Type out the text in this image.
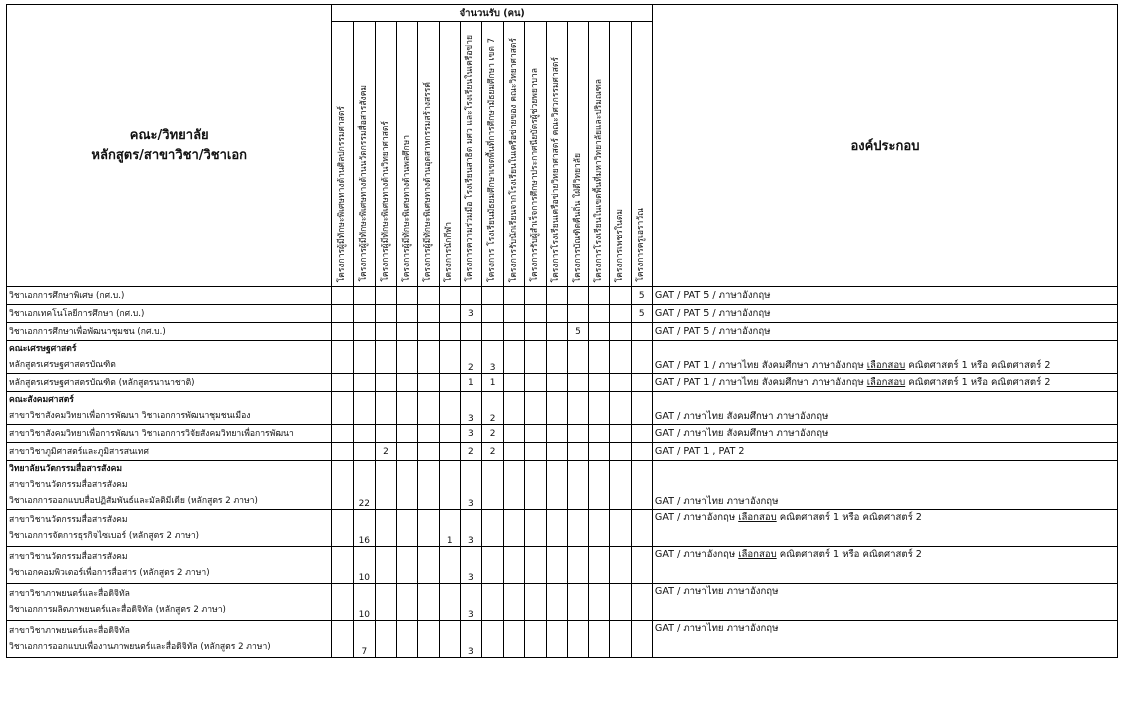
คณะ/วิทยาลัย
หลักสูตร/สาขาวิชา/วิชาเอก	จำนวนรับ (คน)															องค์ประกอบ

	โครงการผู้มีทักษะพิเศษทางด้านศิลปกรรมศาสตร์	โครงการผู้มีทักษะพิเศษทางด้านนวัตกรรมสื่อสารสังคม	โครงการผู้มีทักษะพิเศษทางด้านวิทยาศาสตร์	โครงการผู้มีทักษะพิเศษทางด้านพลศึกษา	โครงการผู้มีทักษะพิเศษทางด้านอุตสาหกรรมสร้างสรรค์	โครงการนักกีฬา	โครงการความร่วมมือ โรงเรียนสาธิต มศว และโรงเรียนในเครือข่าย	โครงการ โรงเรียนมัธยมศึกษาเขตพื้นที่การศึกษามัธยมศึกษา เขต 7	โครงการรับนักเรียนจากโรงเรียนในเครือข่ายของ คณะวิทยาศาสตร์	โครงการรับผู้สำเร็จการศึกษาประกาศนียบัตรผู้ช่วยพยาบาล	โครงการโรงเรียนเครือข่ายวิทยาศาสตร์ คณะวิศวกรรมศาสตร์	โครงการบัณฑิตคืนถิ่น ใฝ่ดีวิทยาลัย	โครงการโรงเรียนในเขตพื้นที่มหาวิทยาลัยและปริมณฑล	โครงการเพชรในตม	โครงการครูเอราวัณ	

วิชาเอกการศึกษาพิเศษ (กศ.บ.)															5	GAT / PAT 5 / ภาษาอังกฤษ

วิชาเอกเทคโนโลยีการศึกษา (กศ.บ.)							3								5	GAT / PAT 5 / ภาษาอังกฤษ

วิชาเอกการศึกษาเพื่อพัฒนาชุมชน (กศ.บ.)												5				GAT / PAT 5 / ภาษาอังกฤษ

คณะเศรษฐศาสตร์
หลักสูตรเศรษฐศาสตรบัณฑิต							2	3								GAT / PAT 1 / ภาษาไทย สังคมศึกษา ภาษาอังกฤษ เลือกสอบ คณิตศาสตร์ 1 หรือ คณิตศาสตร์ 2

หลักสูตรเศรษฐศาสตรบัณฑิต (หลักสูตรนานาชาติ)							1	1								GAT / PAT 1 / ภาษาไทย สังคมศึกษา ภาษาอังกฤษ เลือกสอบ คณิตศาสตร์ 1 หรือ คณิตศาสตร์ 2

คณะสังคมศาสตร์
สาขาวิชาสังคมวิทยาเพื่อการพัฒนา วิชาเอกการพัฒนาชุมชนเมือง							3	2								GAT / ภาษาไทย สังคมศึกษา ภาษาอังกฤษ

สาขาวิชาสังคมวิทยาเพื่อการพัฒนา วิชาเอกการวิจัยสังคมวิทยาเพื่อการพัฒนา							3	2								GAT / ภาษาไทย สังคมศึกษา ภาษาอังกฤษ

สาขาวิชาภูมิศาสตร์และภูมิสารสนเทศ			2				2	2								GAT / PAT 1 , PAT 2

วิทยาลัยนวัตกรรมสื่อสารสังคม
สาขาวิชานวัตกรรมสื่อสารสังคม
วิชาเอกการออกแบบสื่อปฏิสัมพันธ์และมัลติมีเดีย (หลักสูตร 2 ภาษา)		22					3									GAT / ภาษาไทย ภาษาอังกฤษ

สาขาวิชานวัตกรรมสื่อสารสังคม
วิชาเอกการจัดการธุรกิจไซเบอร์ (หลักสูตร 2 ภาษา)		16				1	3									GAT / ภาษาอังกฤษ เลือกสอบ คณิตศาสตร์ 1 หรือ คณิตศาสตร์ 2

สาขาวิชานวัตกรรมสื่อสารสังคม
วิชาเอกคอมพิวเตอร์เพื่อการสื่อสาร (หลักสูตร 2 ภาษา)		10					3									GAT / ภาษาอังกฤษ เลือกสอบ คณิตศาสตร์ 1 หรือ คณิตศาสตร์ 2

สาขาวิชาภาพยนตร์และสื่อดิจิทัล
วิชาเอกการผลิตภาพยนตร์และสื่อดิจิทัล (หลักสูตร 2 ภาษา)		10					3									GAT / ภาษาไทย ภาษาอังกฤษ

สาขาวิชาภาพยนตร์และสื่อดิจิทัล
วิชาเอกการออกแบบเพื่องานภาพยนตร์และสื่อดิจิทัล (หลักสูตร 2 ภาษา)		7					3									GAT / ภาษาไทย ภาษาอังกฤษ
